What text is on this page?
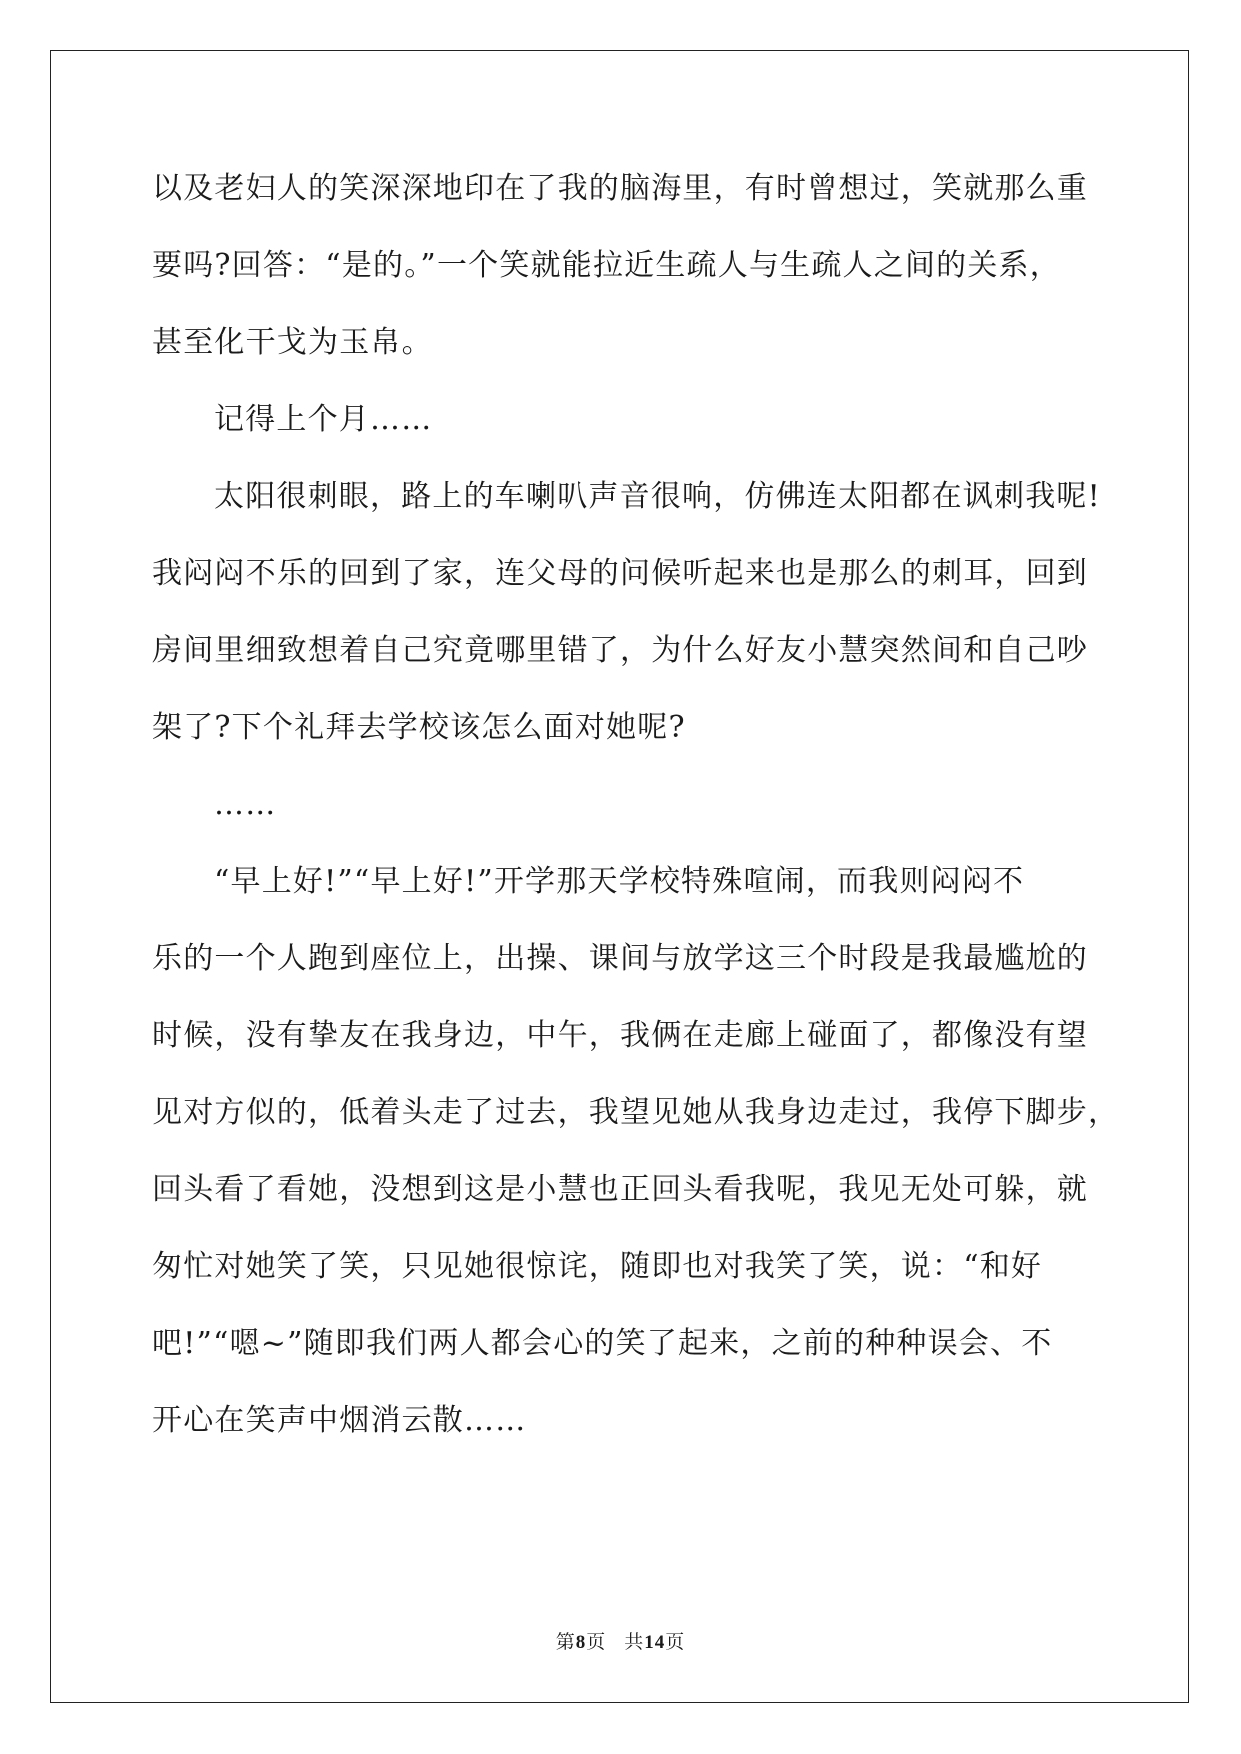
以及老妇人的笑深深地印在了我的脑海里，有时曾想过，笑就那么重
要吗?回答：“是的。”一个笑就能拉近生疏人与生疏人之间的关系，
甚至化干戈为玉帛。
记得上个月……
太阳很刺眼，路上的车喇叭声音很响，仿佛连太阳都在讽刺我呢!
我闷闷不乐的回到了家，连父母的问候听起来也是那么的刺耳，回到
房间里细致想着自己究竟哪里错了，为什么好友小慧突然间和自己吵
架了?下个礼拜去学校该怎么面对她呢?
……
“早上好!”“早上好!”开学那天学校特殊喧闹，而我则闷闷不
乐的一个人跑到座位上，出操、课间与放学这三个时段是我最尴尬的
时候，没有挚友在我身边，中午，我俩在走廊上碰面了，都像没有望
见对方似的，低着头走了过去，我望见她从我身边走过，我停下脚步，
回头看了看她，没想到这是小慧也正回头看我呢，我见无处可躲，就
匆忙对她笑了笑，只见她很惊诧，随即也对我笑了笑，说：“和好
吧!”“嗯~”随即我们两人都会心的笑了起来，之前的种种误会、不
开心在笑声中烟消云散……
第8页 共14页
